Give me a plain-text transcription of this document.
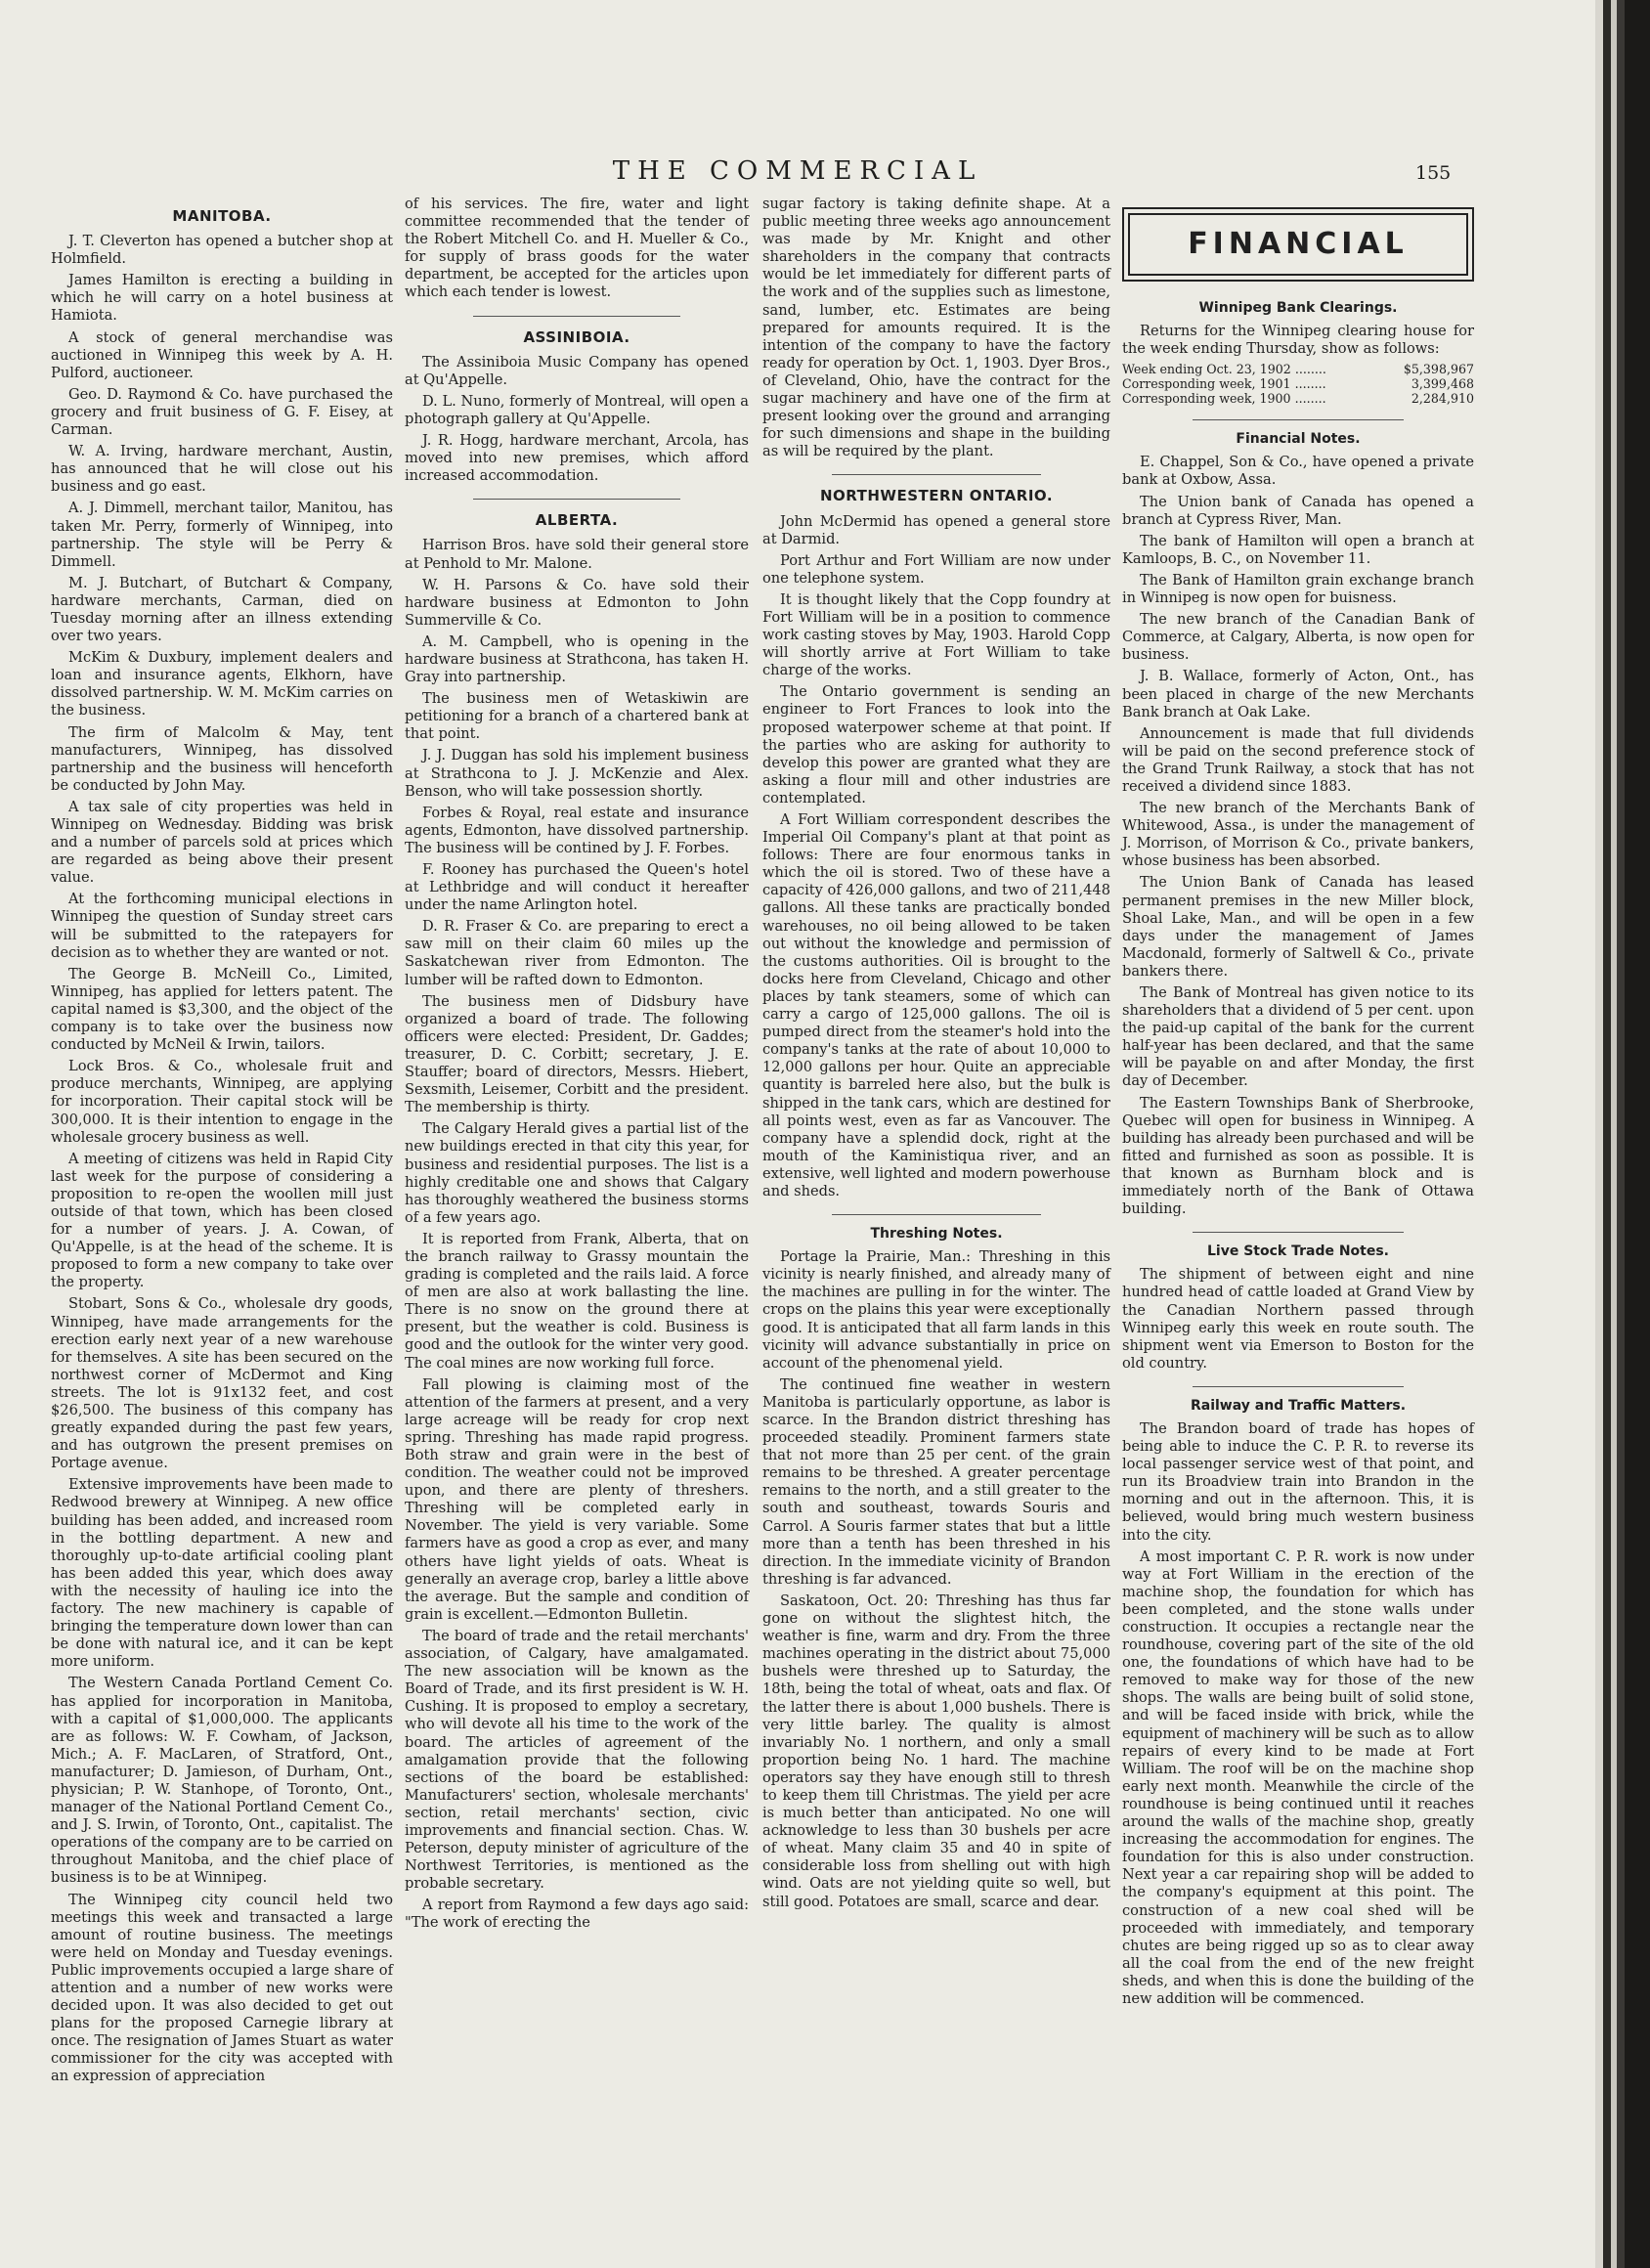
THE COMMERCIAL	155
MANITOBA.

J. T. Cleverton has opened a butcher shop at Holmfield.

James Hamilton is erecting a building in which he will carry on a hotel business at Hamiota.

A stock of general merchandise was auctioned in Winnipeg this week by A. H. Pulford, auctioneer.

Geo. D. Raymond & Co. have purchased the grocery and fruit business of G. F. Eisey, at Carman.

W. A. Irving, hardware merchant, Austin, has announced that he will close out his business and go east.

A. J. Dimmell, merchant tailor, Manitou, has taken Mr. Perry, formerly of Winnipeg, into partnership. The style will be Perry & Dimmell.

M. J. Butchart, of Butchart & Company, hardware merchants, Carman, died on Tuesday morning after an illness extending over two years.

McKim & Duxbury, implement dealers and loan and insurance agents, Elkhorn, have dissolved partnership. W. M. McKim carries on the business.

The firm of Malcolm & May, tent manufacturers, Winnipeg, has dissolved partnership and the business will henceforth be conducted by John May.

A tax sale of city properties was held in Winnipeg on Wednesday. Bidding was brisk and a number of parcels sold at prices which are regarded as being above their present value.

At the forthcoming municipal elections in Winnipeg the question of Sunday street cars will be submitted to the ratepayers for decision as to whether they are wanted or not.

The George B. McNeill Co., Limited, Winnipeg, has applied for letters patent. The capital named is $3,300, and the object of the company is to take over the business now conducted by McNeil & Irwin, tailors.

Lock Bros. & Co., wholesale fruit and produce merchants, Winnipeg, are applying for incorporation. Their capital stock will be 300,000. It is their intention to engage in the wholesale grocery business as well.

A meeting of citizens was held in Rapid City last week for the purpose of considering a proposition to re-open the woollen mill just outside of that town, which has been closed for a number of years. J. A. Cowan, of Qu'Appelle, is at the head of the scheme. It is proposed to form a new company to take over the property.

Stobart, Sons & Co., wholesale dry goods, Winnipeg, have made arrangements for the erection early next year of a new warehouse for themselves. A site has been secured on the northwest corner of McDermot and King streets. The lot is 91x132 feet, and cost $26,500. The business of this company has greatly expanded during the past few years, and has outgrown the present premises on Portage avenue.

Extensive improvements have been made to Redwood brewery at Winnipeg. A new office building has been added, and increased room in the bottling department. A new and thoroughly up-to-date artificial cooling plant has been added this year, which does away with the necessity of hauling ice into the factory. The new machinery is capable of bringing the temperature down lower than can be done with natural ice, and it can be kept more uniform.

The Western Canada Portland Cement Co. has applied for incorporation in Manitoba, with a capital of $1,000,000. The applicants are as follows: W. F. Cowham, of Jackson, Mich.; A. F. MacLaren, of Stratford, Ont., manufacturer; D. Jamieson, of Durham, Ont., physician; P. W. Stanhope, of Toronto, Ont., manager of the National Portland Cement Co., and J. S. Irwin, of Toronto, Ont., capitalist. The operations of the company are to be carried on throughout Manitoba, and the chief place of business is to be at Winnipeg.

The Winnipeg city council held two meetings this week and transacted a large amount of routine business. The meetings were held on Monday and Tuesday evenings. Public improvements occupied a large share of attention and a number of new works were decided upon. It was also decided to get out plans for the proposed Carnegie library at once. The resignation of James Stuart as water commissioner for the city was accepted with an expression of appreciation

of his services. The fire, water and light committee recommended that the tender of the Robert Mitchell Co. and H. Mueller & Co., for supply of brass goods for the water department, be accepted for the articles upon which each tender is lowest.

ASSINIBOIA.

The Assiniboia Music Company has opened at Qu'Appelle.

D. L. Nuno, formerly of Montreal, will open a photograph gallery at Qu'Appelle.

J. R. Hogg, hardware merchant, Arcola, has moved into new premises, which afford increased accommodation.

ALBERTA.

Harrison Bros. have sold their general store at Penhold to Mr. Malone.

W. H. Parsons & Co. have sold their hardware business at Edmonton to John Summerville & Co.

A. M. Campbell, who is opening in the hardware business at Strathcona, has taken H. Gray into partnership.

The business men of Wetaskiwin are petitioning for a branch of a chartered bank at that point.

J. J. Duggan has sold his implement business at Strathcona to J. J. McKenzie and Alex. Benson, who will take possession shortly.

Forbes & Royal, real estate and insurance agents, Edmonton, have dissolved partnership. The business will be contined by J. F. Forbes.

F. Rooney has purchased the Queen's hotel at Lethbridge and will conduct it hereafter under the name Arlington hotel.

D. R. Fraser & Co. are preparing to erect a saw mill on their claim 60 miles up the Saskatchewan river from Edmonton. The lumber will be rafted down to Edmonton.

The business men of Didsbury have organized a board of trade. The following officers were elected: President, Dr. Gaddes; treasurer, D. C. Corbitt; secretary, J. E. Stauffer; board of directors, Messrs. Hiebert, Sexsmith, Leisemer, Corbitt and the president. The membership is thirty.

The Calgary Herald gives a partial list of the new buildings erected in that city this year, for business and residential purposes. The list is a highly creditable one and shows that Calgary has thoroughly weathered the business storms of a few years ago.

It is reported from Frank, Alberta, that on the branch railway to Grassy mountain the grading is completed and the rails laid. A force of men are also at work ballasting the line. There is no snow on the ground there at present, but the weather is cold. Business is good and the outlook for the winter very good. The coal mines are now working full force.

Fall plowing is claiming most of the attention of the farmers at present, and a very large acreage will be ready for crop next spring. Threshing has made rapid progress. Both straw and grain were in the best of condition. The weather could not be improved upon, and there are plenty of threshers. Threshing will be completed early in November. The yield is very variable. Some farmers have as good a crop as ever, and many others have light yields of oats. Wheat is generally an average crop, barley a little above the average. But the sample and condition of grain is excellent.—Edmonton Bulletin.

The board of trade and the retail merchants' association, of Calgary, have amalgamated. The new association will be known as the Board of Trade, and its first president is W. H. Cushing. It is proposed to employ a secretary, who will devote all his time to the work of the board. The articles of agreement of the amalgamation provide that the following sections of the board be established: Manufacturers' section, wholesale merchants' section, retail merchants' section, civic improvements and financial section. Chas. W. Peterson, deputy minister of agriculture of the Northwest Territories, is mentioned as the probable secretary.

A report from Raymond a few days ago said: "The work of erecting the

sugar factory is taking definite shape. At a public meeting three weeks ago announcement was made by Mr. Knight and other shareholders in the company that contracts would be let immediately for different parts of the work and of the supplies such as limestone, sand, lumber, etc. Estimates are being prepared for amounts required. It is the intention of the company to have the factory ready for operation by Oct. 1, 1903. Dyer Bros., of Cleveland, Ohio, have the contract for the sugar machinery and have one of the firm at present looking over the ground and arranging for such dimensions and shape in the building as will be required by the plant.

NORTHWESTERN ONTARIO.

John McDermid has opened a general store at Darmid.

Port Arthur and Fort William are now under one telephone system.

It is thought likely that the Copp foundry at Fort William will be in a position to commence work casting stoves by May, 1903. Harold Copp will shortly arrive at Fort William to take charge of the works.

The Ontario government is sending an engineer to Fort Frances to look into the proposed waterpower scheme at that point. If the parties who are asking for authority to develop this power are granted what they are asking a flour mill and other industries are contemplated.

A Fort William correspondent describes the Imperial Oil Company's plant at that point as follows: There are four enormous tanks in which the oil is stored. Two of these have a capacity of 426,000 gallons, and two of 211,448 gallons. All these tanks are practically bonded warehouses, no oil being allowed to be taken out without the knowledge and permission of the customs authorities. Oil is brought to the docks here from Cleveland, Chicago and other places by tank steamers, some of which can carry a cargo of 125,000 gallons. The oil is pumped direct from the steamer's hold into the company's tanks at the rate of about 10,000 to 12,000 gallons per hour. Quite an appreciable quantity is barreled here also, but the bulk is shipped in the tank cars, which are destined for all points west, even as far as Vancouver. The company have a splendid dock, right at the mouth of the Kaministiqua river, and an extensive, well lighted and modern powerhouse and sheds.

Threshing Notes.

Portage la Prairie, Man.: Threshing in this vicinity is nearly finished, and already many of the machines are pulling in for the winter. The crops on the plains this year were exceptionally good. It is anticipated that all farm lands in this vicinity will advance substantially in price on account of the phenomenal yield.

The continued fine weather in western Manitoba is particularly opportune, as labor is scarce. In the Brandon district threshing has proceeded steadily. Prominent farmers state that not more than 25 per cent. of the grain remains to be threshed. A greater percentage remains to the north, and a still greater to the south and southeast, towards Souris and Carrol. A Souris farmer states that but a little more than a tenth has been threshed in his direction. In the immediate vicinity of Brandon threshing is far advanced.

Saskatoon, Oct. 20: Threshing has thus far gone on without the slightest hitch, the weather is fine, warm and dry. From the three machines operating in the district about 75,000 bushels were threshed up to Saturday, the 18th, being the total of wheat, oats and flax. Of the latter there is about 1,000 bushels. There is very little barley. The quality is almost invariably No. 1 northern, and only a small proportion being No. 1 hard. The machine operators say they have enough still to thresh to keep them till Christmas. The yield per acre is much better than anticipated. No one will acknowledge to less than 30 bushels per acre of wheat. Many claim 35 and 40 in spite of considerable loss from shelling out with high wind. Oats are not yielding quite so well, but still good. Potatoes are small, scarce and dear.

FINANCIAL
Winnipeg Bank Clearings.

Returns for the Winnipeg clearing house for the week ending Thursday, show as follows:

Week ending Oct. 23, 1902 ........	$5,398,967
Corresponding week, 1901 ........	3,399,468
Corresponding week, 1900 ........	2,284,910
Financial Notes.

E. Chappel, Son & Co., have opened a private bank at Oxbow, Assa.

The Union bank of Canada has opened a branch at Cypress River, Man.

The bank of Hamilton will open a branch at Kamloops, B. C., on November 11.

The Bank of Hamilton grain exchange branch in Winnipeg is now open for buisness.

The new branch of the Canadian Bank of Commerce, at Calgary, Alberta, is now open for business.

J. B. Wallace, formerly of Acton, Ont., has been placed in charge of the new Merchants Bank branch at Oak Lake.

Announcement is made that full dividends will be paid on the second preference stock of the Grand Trunk Railway, a stock that has not received a dividend since 1883.

The new branch of the Merchants Bank of Whitewood, Assa., is under the management of J. Morrison, of Morrison & Co., private bankers, whose business has been absorbed.

The Union Bank of Canada has leased permanent premises in the new Miller block, Shoal Lake, Man., and will be open in a few days under the management of James Macdonald, formerly of Saltwell & Co., private bankers there.

The Bank of Montreal has given notice to its shareholders that a dividend of 5 per cent. upon the paid-up capital of the bank for the current half-year has been declared, and that the same will be payable on and after Monday, the first day of December.

The Eastern Townships Bank of Sherbrooke, Quebec will open for business in Winnipeg. A building has already been purchased and will be fitted and furnished as soon as possible. It is that known as Burnham block and is immediately north of the Bank of Ottawa building.

Live Stock Trade Notes.

The shipment of between eight and nine hundred head of cattle loaded at Grand View by the Canadian Northern passed through Winnipeg early this week en route south. The shipment went via Emerson to Boston for the old country.

Railway and Traffic Matters.

The Brandon board of trade has hopes of being able to induce the C. P. R. to reverse its local passenger service west of that point, and run its Broadview train into Brandon in the morning and out in the afternoon. This, it is believed, would bring much western business into the city.

A most important C. P. R. work is now under way at Fort William in the erection of the machine shop, the foundation for which has been completed, and the stone walls under construction. It occupies a rectangle near the roundhouse, covering part of the site of the old one, the foundations of which have had to be removed to make way for those of the new shops. The walls are being built of solid stone, and will be faced inside with brick, while the equipment of machinery will be such as to allow repairs of every kind to be made at Fort William. The roof will be on the machine shop early next month. Meanwhile the circle of the roundhouse is being continued until it reaches around the walls of the machine shop, greatly increasing the accommodation for engines. The foundation for this is also under construction. Next year a car repairing shop will be added to the company's equipment at this point. The construction of a new coal shed will be proceeded with immediately, and temporary chutes are being rigged up so as to clear away all the coal from the end of the new freight sheds, and when this is done the building of the new addition will be commenced.
